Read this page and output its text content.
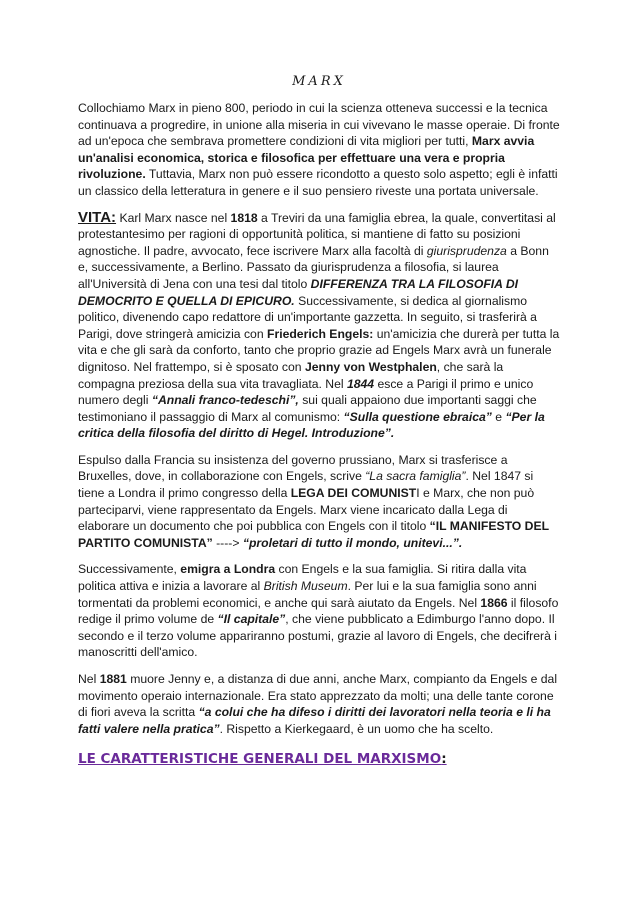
MARX

Collochiamo Marx in pieno 800, periodo in cui la scienza otteneva successi e la tecnica continuava a progredire, in unione alla miseria in cui vivevano le masse operaie. Di fronte ad un'epoca che sembrava promettere condizioni di vita migliori per tutti, Marx avvia un'analisi economica, storica e filosofica per effettuare una vera e propria rivoluzione. Tuttavia, Marx non può essere ricondotto a questo solo aspetto; egli è infatti un classico della letteratura in genere e il suo pensiero riveste una portata universale.

VITA: Karl Marx nasce nel 1818 a Treviri da una famiglia ebrea, la quale, convertitasi al protestantesimo per ragioni di opportunità politica, si mantiene di fatto su posizioni agnostiche. Il padre, avvocato, fece iscrivere Marx alla facoltà di giurisprudenza a Bonn e, successivamente, a Berlino. Passato da giurisprudenza a filosofia, si laurea all'Università di Jena con una tesi dal titolo DIFFERENZA TRA LA FILOSOFIA DI DEMOCRITO E QUELLA DI EPICURO. Successivamente, si dedica al giornalismo politico, divenendo capo redattore di un'importante gazzetta. In seguito, si trasferirà a Parigi, dove stringerà amicizia con Friederich Engels: un'amicizia che durerà per tutta la vita e che gli sarà da conforto, tanto che proprio grazie ad Engels Marx avrà un funerale dignitoso. Nel frattempo, si è sposato con Jenny von Westphalen, che sarà la compagna preziosa della sua vita travagliata. Nel 1844 esce a Parigi il primo e unico numero degli “Annali franco-tedeschi”, sui quali appaiono due importanti saggi che testimoniano il passaggio di Marx al comunismo: “Sulla questione ebraica” e “Per la critica della filosofia del diritto di Hegel. Introduzione”.

Espulso dalla Francia su insistenza del governo prussiano, Marx si trasferisce a Bruxelles, dove, in collaborazione con Engels, scrive “La sacra famiglia”. Nel 1847 si tiene a Londra il primo congresso della LEGA DEI COMUNISTI e Marx, che non può parteciparvi, viene rappresentato da Engels. Marx viene incaricato dalla Lega di elaborare un documento che poi pubblica con Engels con il titolo “IL MANIFESTO DEL PARTITO COMUNISTA” ----> “proletari di tutto il mondo, unitevi...”.

Successivamente, emigra a Londra con Engels e la sua famiglia. Si ritira dalla vita politica attiva e inizia a lavorare al British Museum. Per lui e la sua famiglia sono anni tormentati da problemi economici, e anche qui sarà aiutato da Engels. Nel 1866 il filosofo redige il primo volume de “Il capitale”, che viene pubblicato a Edimburgo l'anno dopo. Il secondo e il terzo volume appariranno postumi, grazie al lavoro di Engels, che decifrerà i manoscritti dell'amico.

Nel 1881 muore Jenny e, a distanza di due anni, anche Marx, compianto da Engels e dal movimento operaio internazionale. Era stato apprezzato da molti; una delle tante corone di fiori aveva la scritta “a colui che ha difeso i diritti dei lavoratori nella teoria e li ha fatti valere nella pratica”. Rispetto a Kierkegaard, è un uomo che ha scelto.

LE CARATTERISTICHE GENERALI DEL MARXISMO:
